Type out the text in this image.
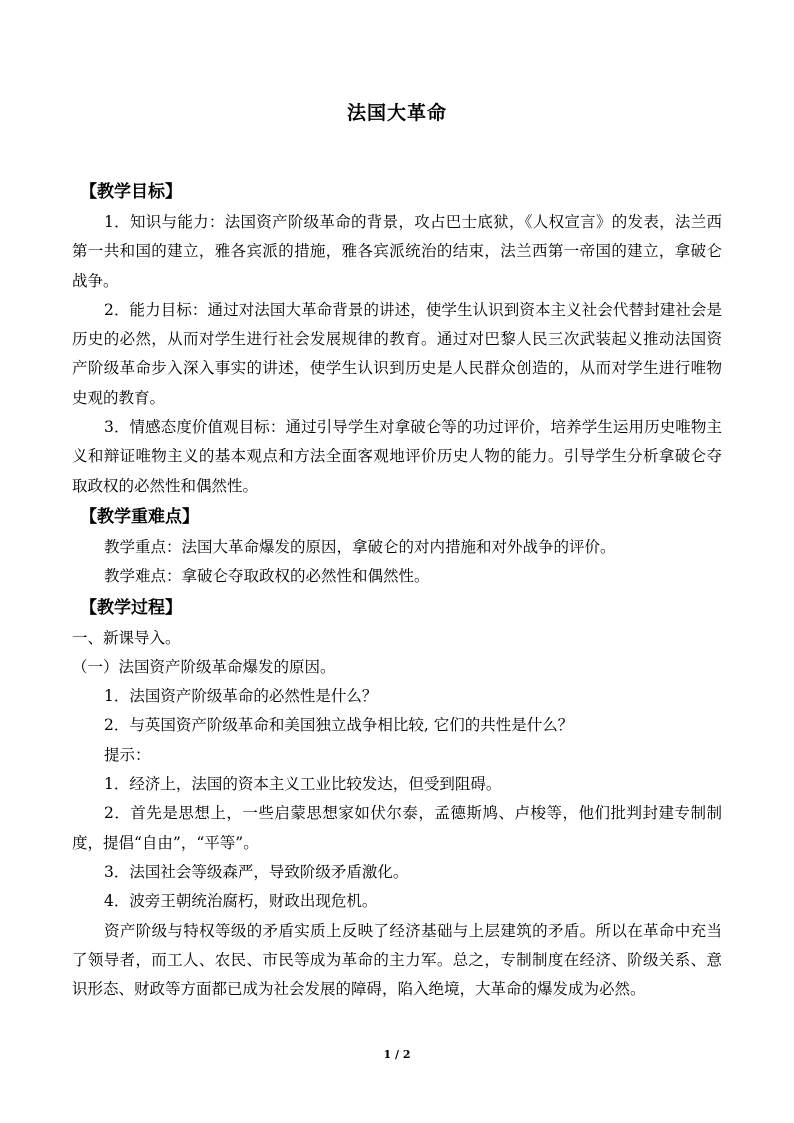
法国大革命
【教学目标】
1．知识与能力：法国资产阶级革命的背景，攻占巴士底狱，《人权宣言》的发表，法兰西第一共和国的建立，雅各宾派的措施，雅各宾派统治的结束，法兰西第一帝国的建立，拿破仑战争。
2．能力目标：通过对法国大革命背景的讲述，使学生认识到资本主义社会代替封建社会是历史的必然，从而对学生进行社会发展规律的教育。通过对巴黎人民三次武装起义推动法国资产阶级革命步入深入事实的讲述，使学生认识到历史是人民群众创造的，从而对学生进行唯物史观的教育。
3．情感态度价值观目标：通过引导学生对拿破仑等的功过评价，培养学生运用历史唯物主义和辩证唯物主义的基本观点和方法全面客观地评价历史人物的能力。引导学生分析拿破仑夺取政权的必然性和偶然性。
【教学重难点】
教学重点：法国大革命爆发的原因，拿破仑的对内措施和对外战争的评价。
教学难点：拿破仑夺取政权的必然性和偶然性。
【教学过程】
一、新课导入。
（一）法国资产阶级革命爆发的原因。
1．法国资产阶级革命的必然性是什么？
2．与英国资产阶级革命和美国独立战争相比较, 它们的共性是什么？
提示：
1．经济上，法国的资本主义工业比较发达，但受到阻碍。
2．首先是思想上，一些启蒙思想家如伏尔泰，孟德斯鸠、卢梭等，他们批判封建专制制度，提倡“自由”，“平等”。
3．法国社会等级森严，导致阶级矛盾激化。
4．波旁王朝统治腐朽，财政出现危机。
资产阶级与特权等级的矛盾实质上反映了经济基础与上层建筑的矛盾。所以在革命中充当了领导者，而工人、农民、市民等成为革命的主力军。总之，专制制度在经济、阶级关系、意识形态、财政等方面都已成为社会发展的障碍，陷入绝境，大革命的爆发成为必然。
1 / 2
